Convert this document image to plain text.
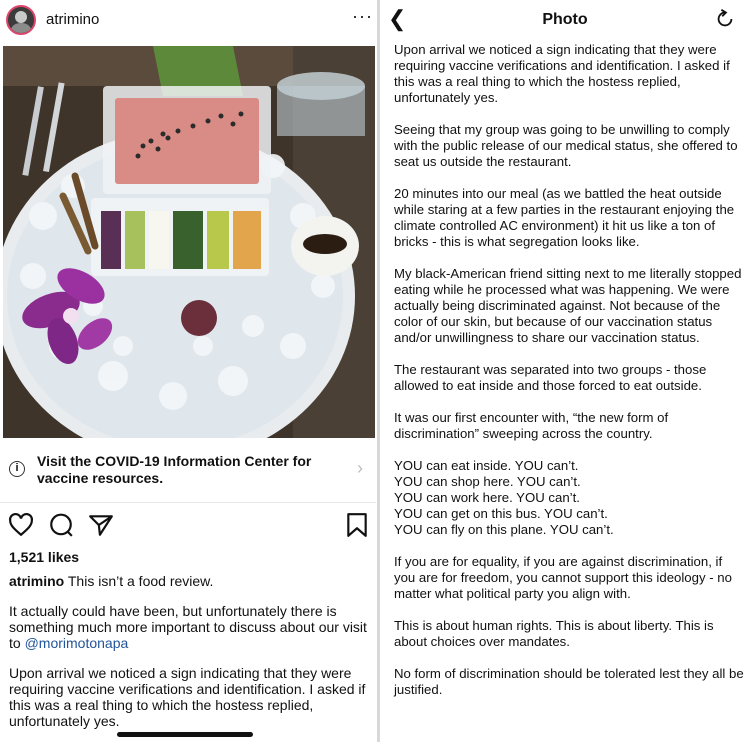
atrimino	···
i	Visit the COVID-19 Information Center for vaccine resources.	›
1,521 likes

atrimino This isn’t a food review.

It actually could have been, but unfortunately there is something much more important to discuss about our visit to @morimotonapa

Upon arrival we noticed a sign indicating that they were requiring vaccine verifications and identification. I asked if this was a real thing to which the hostess replied, unfortunately yes.

❮	Photo

Upon arrival we noticed a sign indicating that they were requiring vaccine verifications and identification. I asked if this was a real thing to which the hostess replied, unfortunately yes.

Seeing that my group was going to be unwilling to comply with the public release of our medical status, she offered to seat us outside the restaurant.

20 minutes into our meal (as we battled the heat outside while staring at a few parties in the restaurant enjoying the climate controlled AC environment) it hit us like a ton of bricks - this is what segregation looks like.

My black-American friend sitting next to me literally stopped eating while he processed what was happening. We were actually being discriminated against. Not because of the color of our skin, but because of our vaccination status and/or unwillingness to share our vaccination status.

The restaurant was separated into two groups - those allowed to eat inside and those forced to eat outside.

It was our first encounter with, “the new form of discrimination” sweeping across the country.

YOU can eat inside. YOU can’t.
YOU can shop here. YOU can’t.
YOU can work here. YOU can’t.
YOU can get on this bus. YOU can’t.
YOU can fly on this plane. YOU can’t.

If you are for equality, if you are against discrimination, if you are for freedom, you cannot support this ideology - no matter what political party you align with.

This is about human rights. This is about liberty. This is about choices over mandates.

No form of discrimination should be tolerated lest they all be justified.
